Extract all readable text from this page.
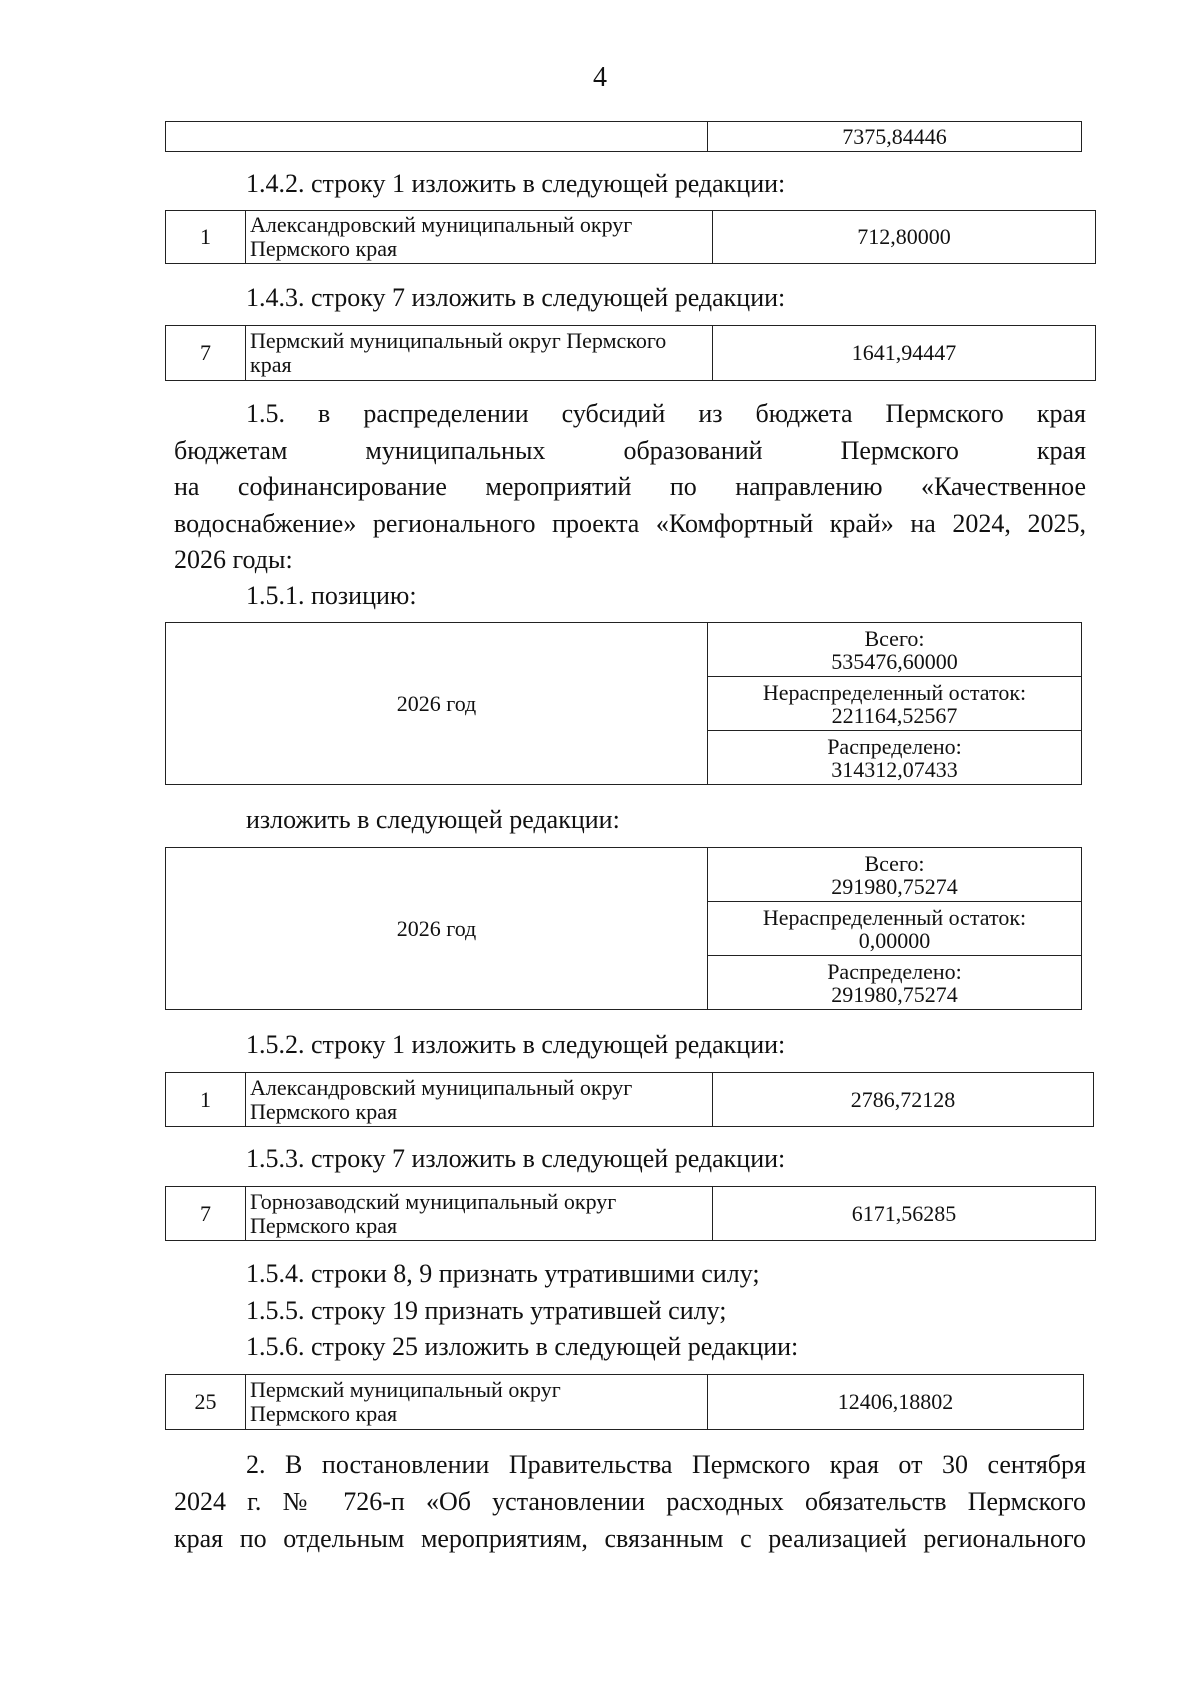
4
	7375,84446
1.4.2. строку 1 изложить в следующей редакции:
1	Александровский муниципальный округ
Пермского края	712,80000
1.4.3. строку 7 изложить в следующей редакции:
7	Пермский муниципальный округ Пермского
края	1641,94447
1.5. в распределении субсидий из бюджета Пермского края
бюджетам муниципальных образований Пермского края
на софинансирование мероприятий по направлению «Качественное
водоснабжение» регионального проекта «Комфортный край» на 2024, 2025,
2026 годы:
1.5.1. позицию:
2026 год	
Всего:
535476,60000

Нераспределенный остаток:
221164,52567

Распределено:
314312,07433
изложить в следующей редакции:
2026 год	
Всего:
291980,75274

Нераспределенный остаток:
0,00000

Распределено:
291980,75274
1.5.2. строку 1 изложить в следующей редакции:
1	Александровский муниципальный округ
Пермского края	2786,72128
1.5.3. строку 7 изложить в следующей редакции:
7	Горнозаводский муниципальный округ
Пермского края	6171,56285
1.5.4. строки 8, 9 признать утратившими силу;
1.5.5. строку 19 признать утратившей силу;
1.5.6. строку 25 изложить в следующей редакции:
25	Пермский муниципальный округ
Пермского края	12406,18802
2. В постановлении Правительства Пермского края от 30 сентября
2024 г. № 726-п «Об установлении расходных обязательств Пермского
края по отдельным мероприятиям, связанным с реализацией регионального
